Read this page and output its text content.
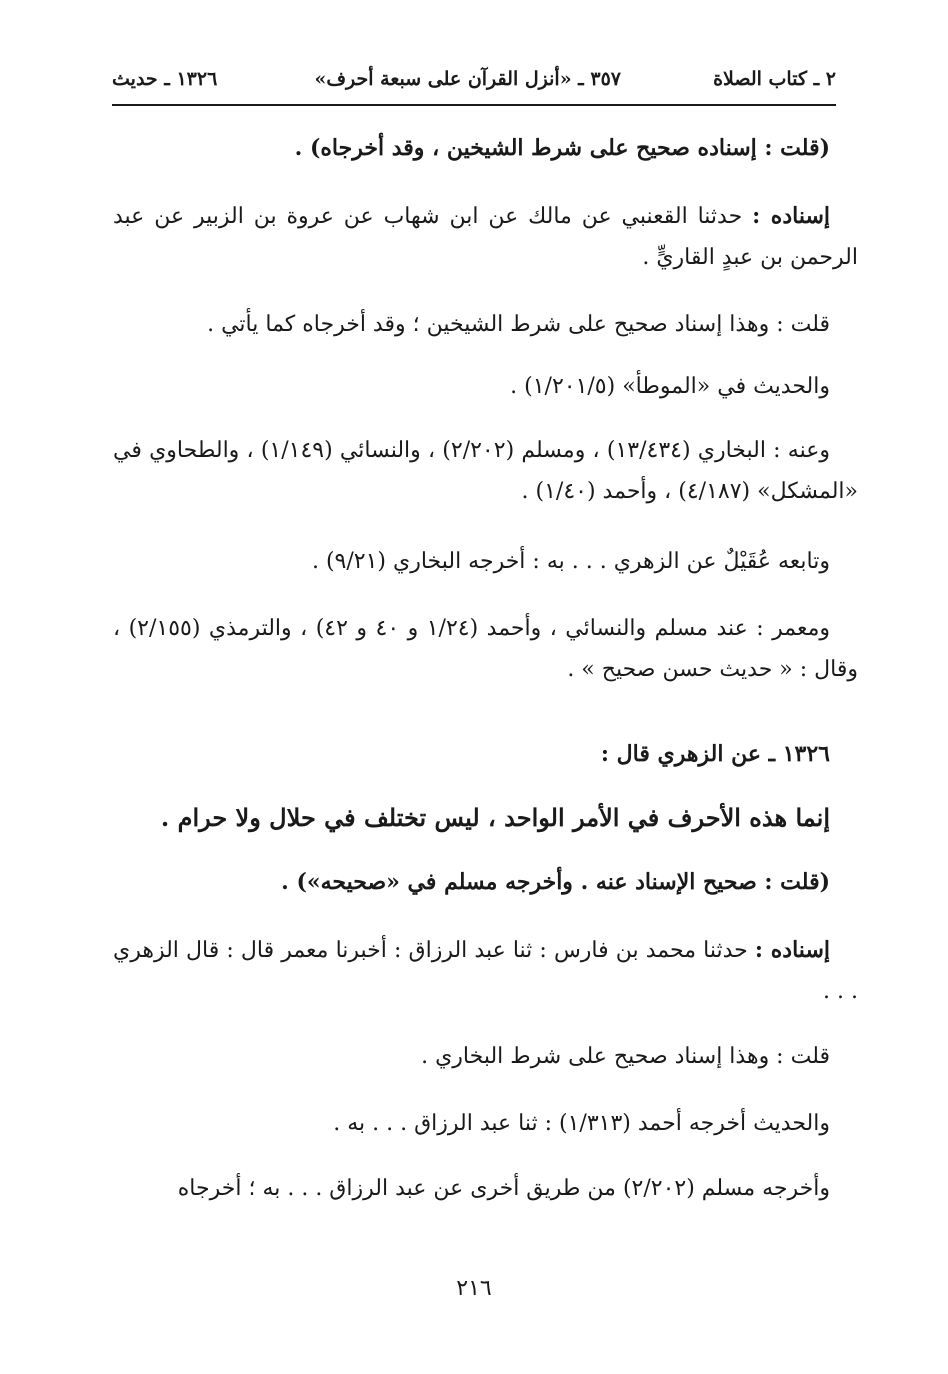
٢ ـ كتاب الصلاة
٣٥٧ ـ «أنزل القرآن على سبعة أحرف»
١٣٢٦ ـ حديث
(قلت : إسناده صحيح على شرط الشيخين ، وقد أخرجاه) .
إسناده : حدثنا القعنبي عن مالك عن ابن شهاب عن عروة بن الزبير عن عبد الرحمن بن عبدٍ القاريٍّ .
قلت : وهذا إسناد صحيح على شرط الشيخين ؛ وقد أخرجاه كما يأتي .
والحديث في «الموطأ» (١/٢٠١/٥) .
وعنه : البخاري (١٣/٤٣٤) ، ومسلم (٢/٢٠٢) ، والنسائي (١/١٤٩) ، والطحاوي في «المشكل» (٤/١٨٧) ، وأحمد (١/٤٠) .
وتابعه عُقَيْلٌ عن الزهري . . . به : أخرجه البخاري (٩/٢١) .
ومعمر : عند مسلم والنسائي ، وأحمد (١/٢٤ و ٤٠ و ٤٢) ، والترمذي (٢/١٥٥) ، وقال : « حديث حسن صحيح » .
١٣٢٦ ـ عن الزهري قال :
إنما هذه الأحرف في الأمر الواحد ، ليس تختلف في حلال ولا حرام .
(قلت : صحيح الإسناد عنه . وأخرجه مسلم في «صحيحه») .
إسناده : حدثنا محمد بن فارس : ثنا عبد الرزاق : أخبرنا معمر قال : قال الزهري . . .
قلت : وهذا إسناد صحيح على شرط البخاري .
والحديث أخرجه أحمد (١/٣١٣) : ثنا عبد الرزاق . . . به .
وأخرجه مسلم (٢/٢٠٢) من طريق أخرى عن عبد الرزاق . . . به ؛ أخرجاه
٢١٦
